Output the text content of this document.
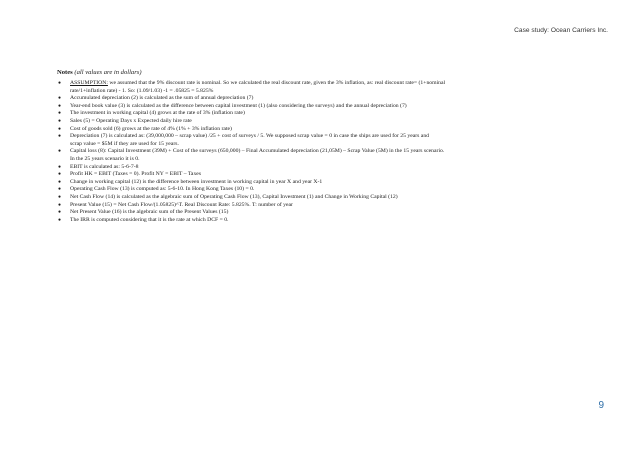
Case study: Ocean Carriers Inc.
Notes (all values are in dollars)
● ASSUMPTION: we assumed that the 9% discount rate is nominal. So we calculated the real discount rate, given the 3% inflation, as: real discount rate= (1+nominal
rate/1+inflation rate) - 1. So: (1.09/1.03) -1 = .05825 = 5.825%
● Accumulated depreciation (2) is calculated as the sum of annual depreciation (7)
● Year-end book value (3) is calculated as the difference between capital investment (1) (also considering the surveys) and the annual depreciation (7)
● The investment in working capital (4) grows at the rate of 3% (inflation rate)
● Sales (5) = Operating Days x Expected daily hire rate
● Cost of goods sold (6) grows at the rate of 4% (1% + 3% inflation rate)
● Depreciation (7) is calculated as: (39,000,000 – scrap value) /25 + cost of surveys / 5. We supposed scrap value = 0 in case the ships are used for 25 years and
scrap value = $5M if they are used for 15 years.
● Capital loss (8): Capital Investment (39M) + Cost of the surveys (650,000) – Final Accumulated depreciation (21,05M) – Scrap Value (5M) in the 15 years scenario.
In the 25 years scenario it is 0.
● EBIT is calculated as: 5-6-7-8
● Profit HK = EBIT (Taxes = 0). Profit NY = EBIT – Taxes
● Change in working capital (12) is the difference between investment in working capital in year X and year X-1
● Operating Cash Flow (13) is computed as: 5-6-10. In Hong Kong Taxes (10) = 0.
● Net Cash Flow (14) is calculated as the algebraic sum of Operating Cash Flow (13), Capital Investment (1) and Change in Working Capital (12)
● Present Value (15) = Net Cash Flow/(1.05825)^T. Real Discount Rate: 5.825%. T: number of year
● Net Present Value (16) is the algebraic sum of the Present Values (15)
● The IRR is computed considering that it is the rate at which DCF = 0.
9
